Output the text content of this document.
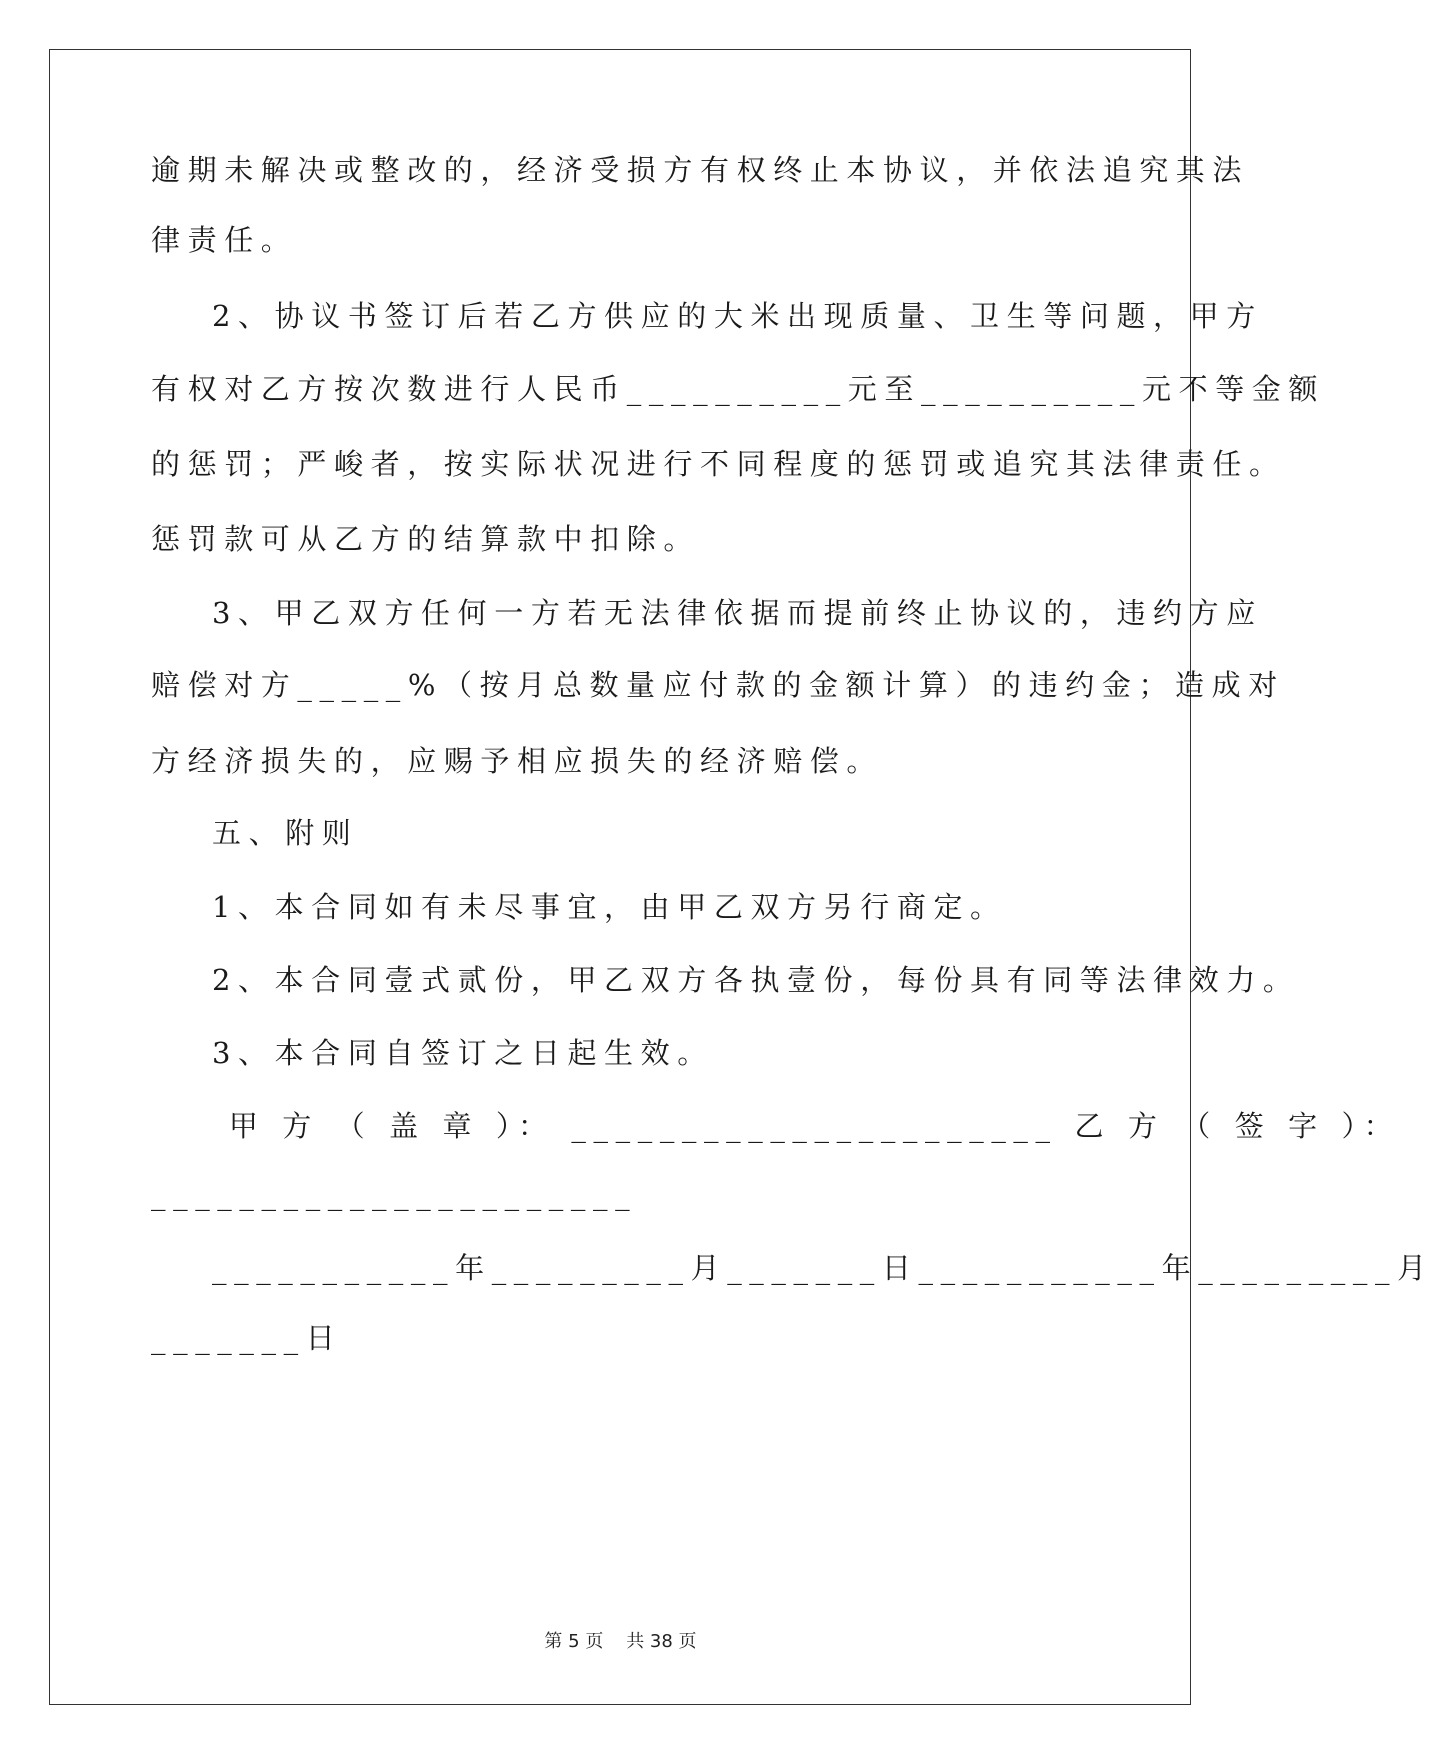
逾期未解决或整改的，经济受损方有权终止本协议，并依法追究其法
律责任。
2、协议书签订后若乙方供应的大米出现质量、卫生等问题，甲方
有权对乙方按次数进行人民币__________元至__________元不等金额
的惩罚；严峻者，按实际状况进行不同程度的惩罚或追究其法律责任。
惩罚款可从乙方的结算款中扣除。
3、甲乙双方任何一方若无法律依据而提前终止协议的，违约方应
赔偿对方_____%（按月总数量应付款的金额计算）的违约金；造成对
方经济损失的，应赐予相应损失的经济赔偿。
五、附则
1、本合同如有未尽事宜，由甲乙双方另行商定。
2、本合同壹式贰份，甲乙双方各执壹份，每份具有同等法律效力。
3、本合同自签订之日起生效。
甲 方 （ 盖 章 ）： ______________________ 乙 方 （ 签 字 ）：
______________________
___________年_________月_______日___________年_________月
_______日
第 5 页    共 38 页
